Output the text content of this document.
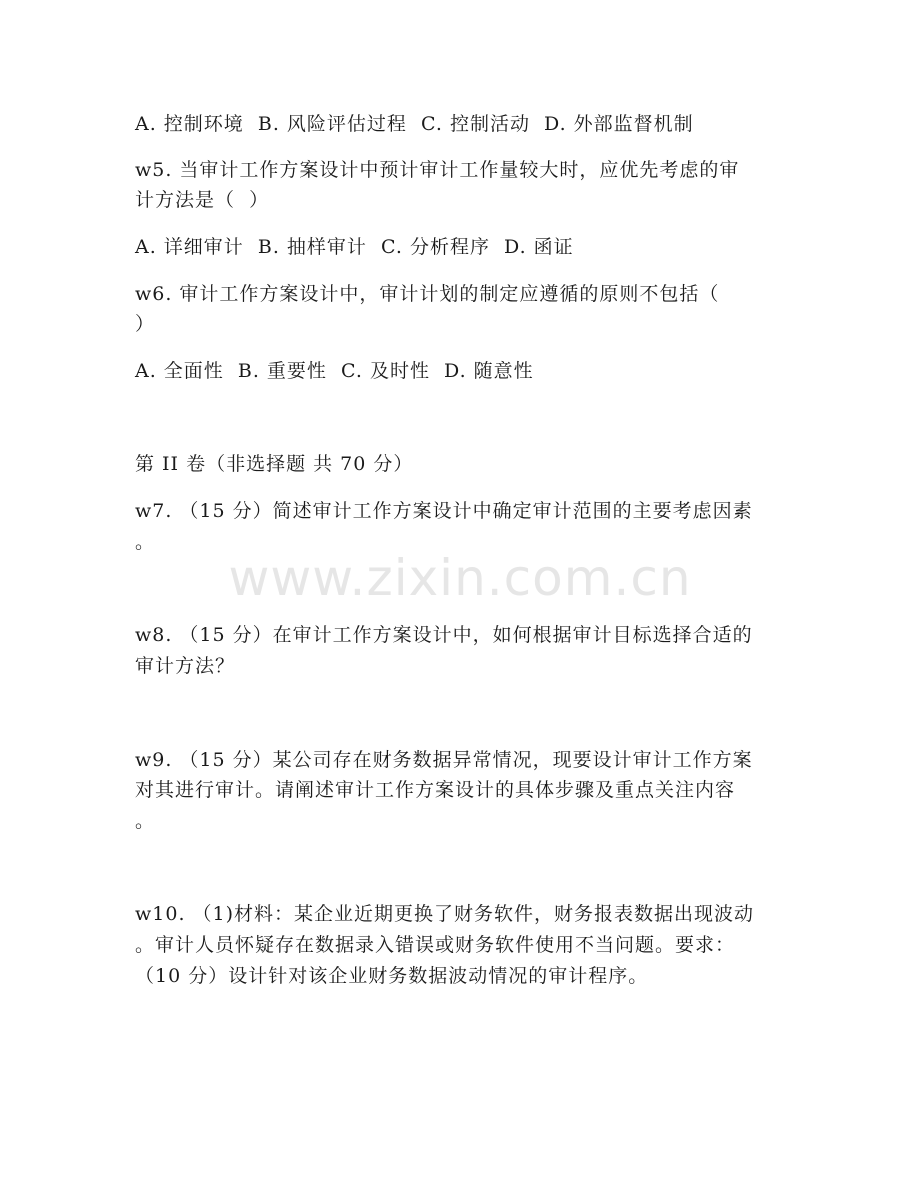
www.zixin.com.cn
A. 控制环境  B. 风险评估过程  C. 控制活动  D. 外部监督机制
w5. 当审计工作方案设计中预计审计工作量较大时，应优先考虑的审
计方法是（  ）
A. 详细审计  B. 抽样审计  C. 分析程序  D. 函证
w6. 审计工作方案设计中，审计计划的制定应遵循的原则不包括（
）
A. 全面性  B. 重要性  C. 及时性  D. 随意性
第 II 卷（非选择题 共 70 分）
w7. （15 分）简述审计工作方案设计中确定审计范围的主要考虑因素
。
w8. （15 分）在审计工作方案设计中，如何根据审计目标选择合适的
审计方法？
w9. （15 分）某公司存在财务数据异常情况，现要设计审计工作方案
对其进行审计。请阐述审计工作方案设计的具体步骤及重点关注内容
。
w10. （1)材料：某企业近期更换了财务软件，财务报表数据出现波动
。审计人员怀疑存在数据录入错误或财务软件使用不当问题。要求：
（10 分）设计针对该企业财务数据波动情况的审计程序。
